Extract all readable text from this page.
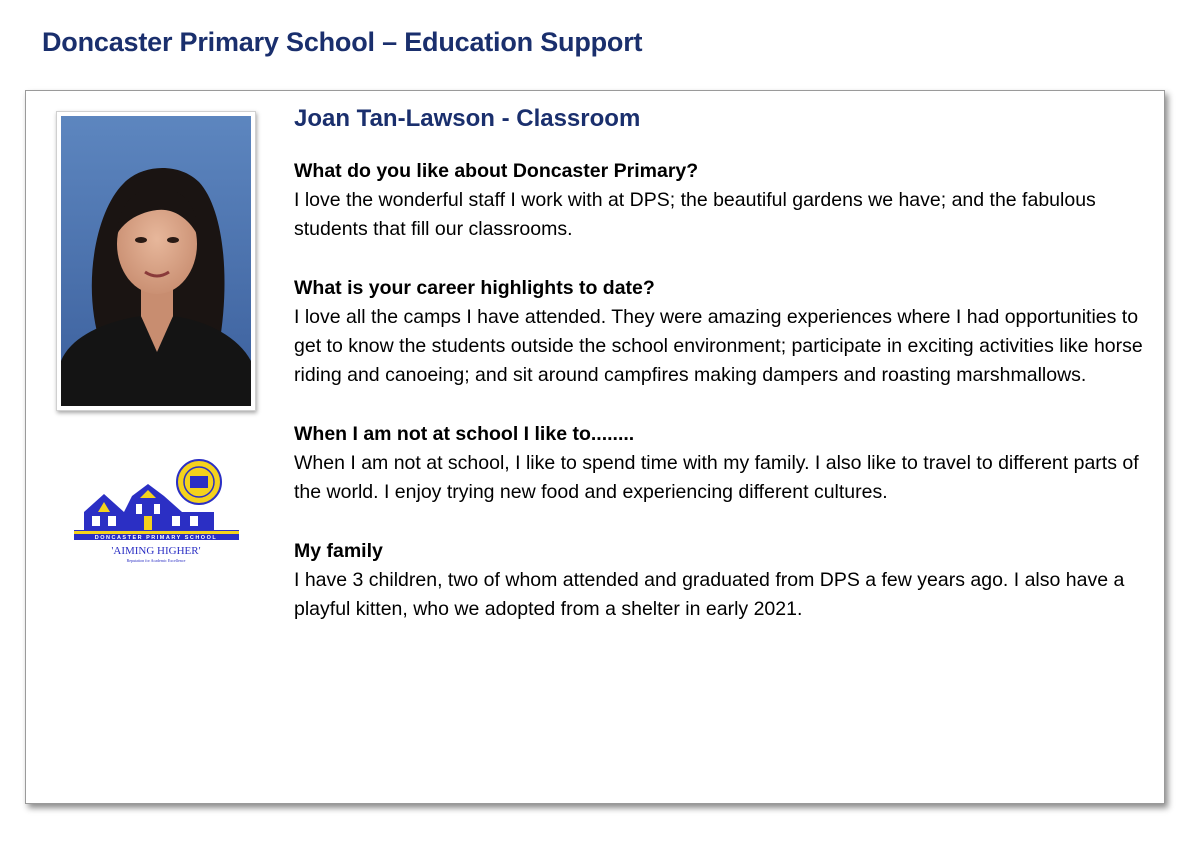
Doncaster Primary School – Education Support
DONCASTER PRIMARY SCHOOL
'AIMING HIGHER'
Reputation for Academic Excellence
Joan Tan-Lawson - Classroom

What do you like about Doncaster Primary?

I love the wonderful staff I work with at DPS; the beautiful gardens we have; and the fabulous students that fill our classrooms.

What is your career highlights to date?

I love all the camps I have attended. They were amazing experiences where I had opportunities to get to know the students outside the school environment; participate in exciting activities like horse riding and canoeing; and sit around campfires making dampers and roasting marshmallows.

When I am not at school I like to........

When I am not at school, I like to spend time with my family. I also like to travel to different parts of the world. I enjoy trying new food and experiencing different cultures.

My family

I have 3 children, two of whom attended and graduated from DPS a few years ago. I also have a playful kitten, who we adopted from a shelter in early 2021.
